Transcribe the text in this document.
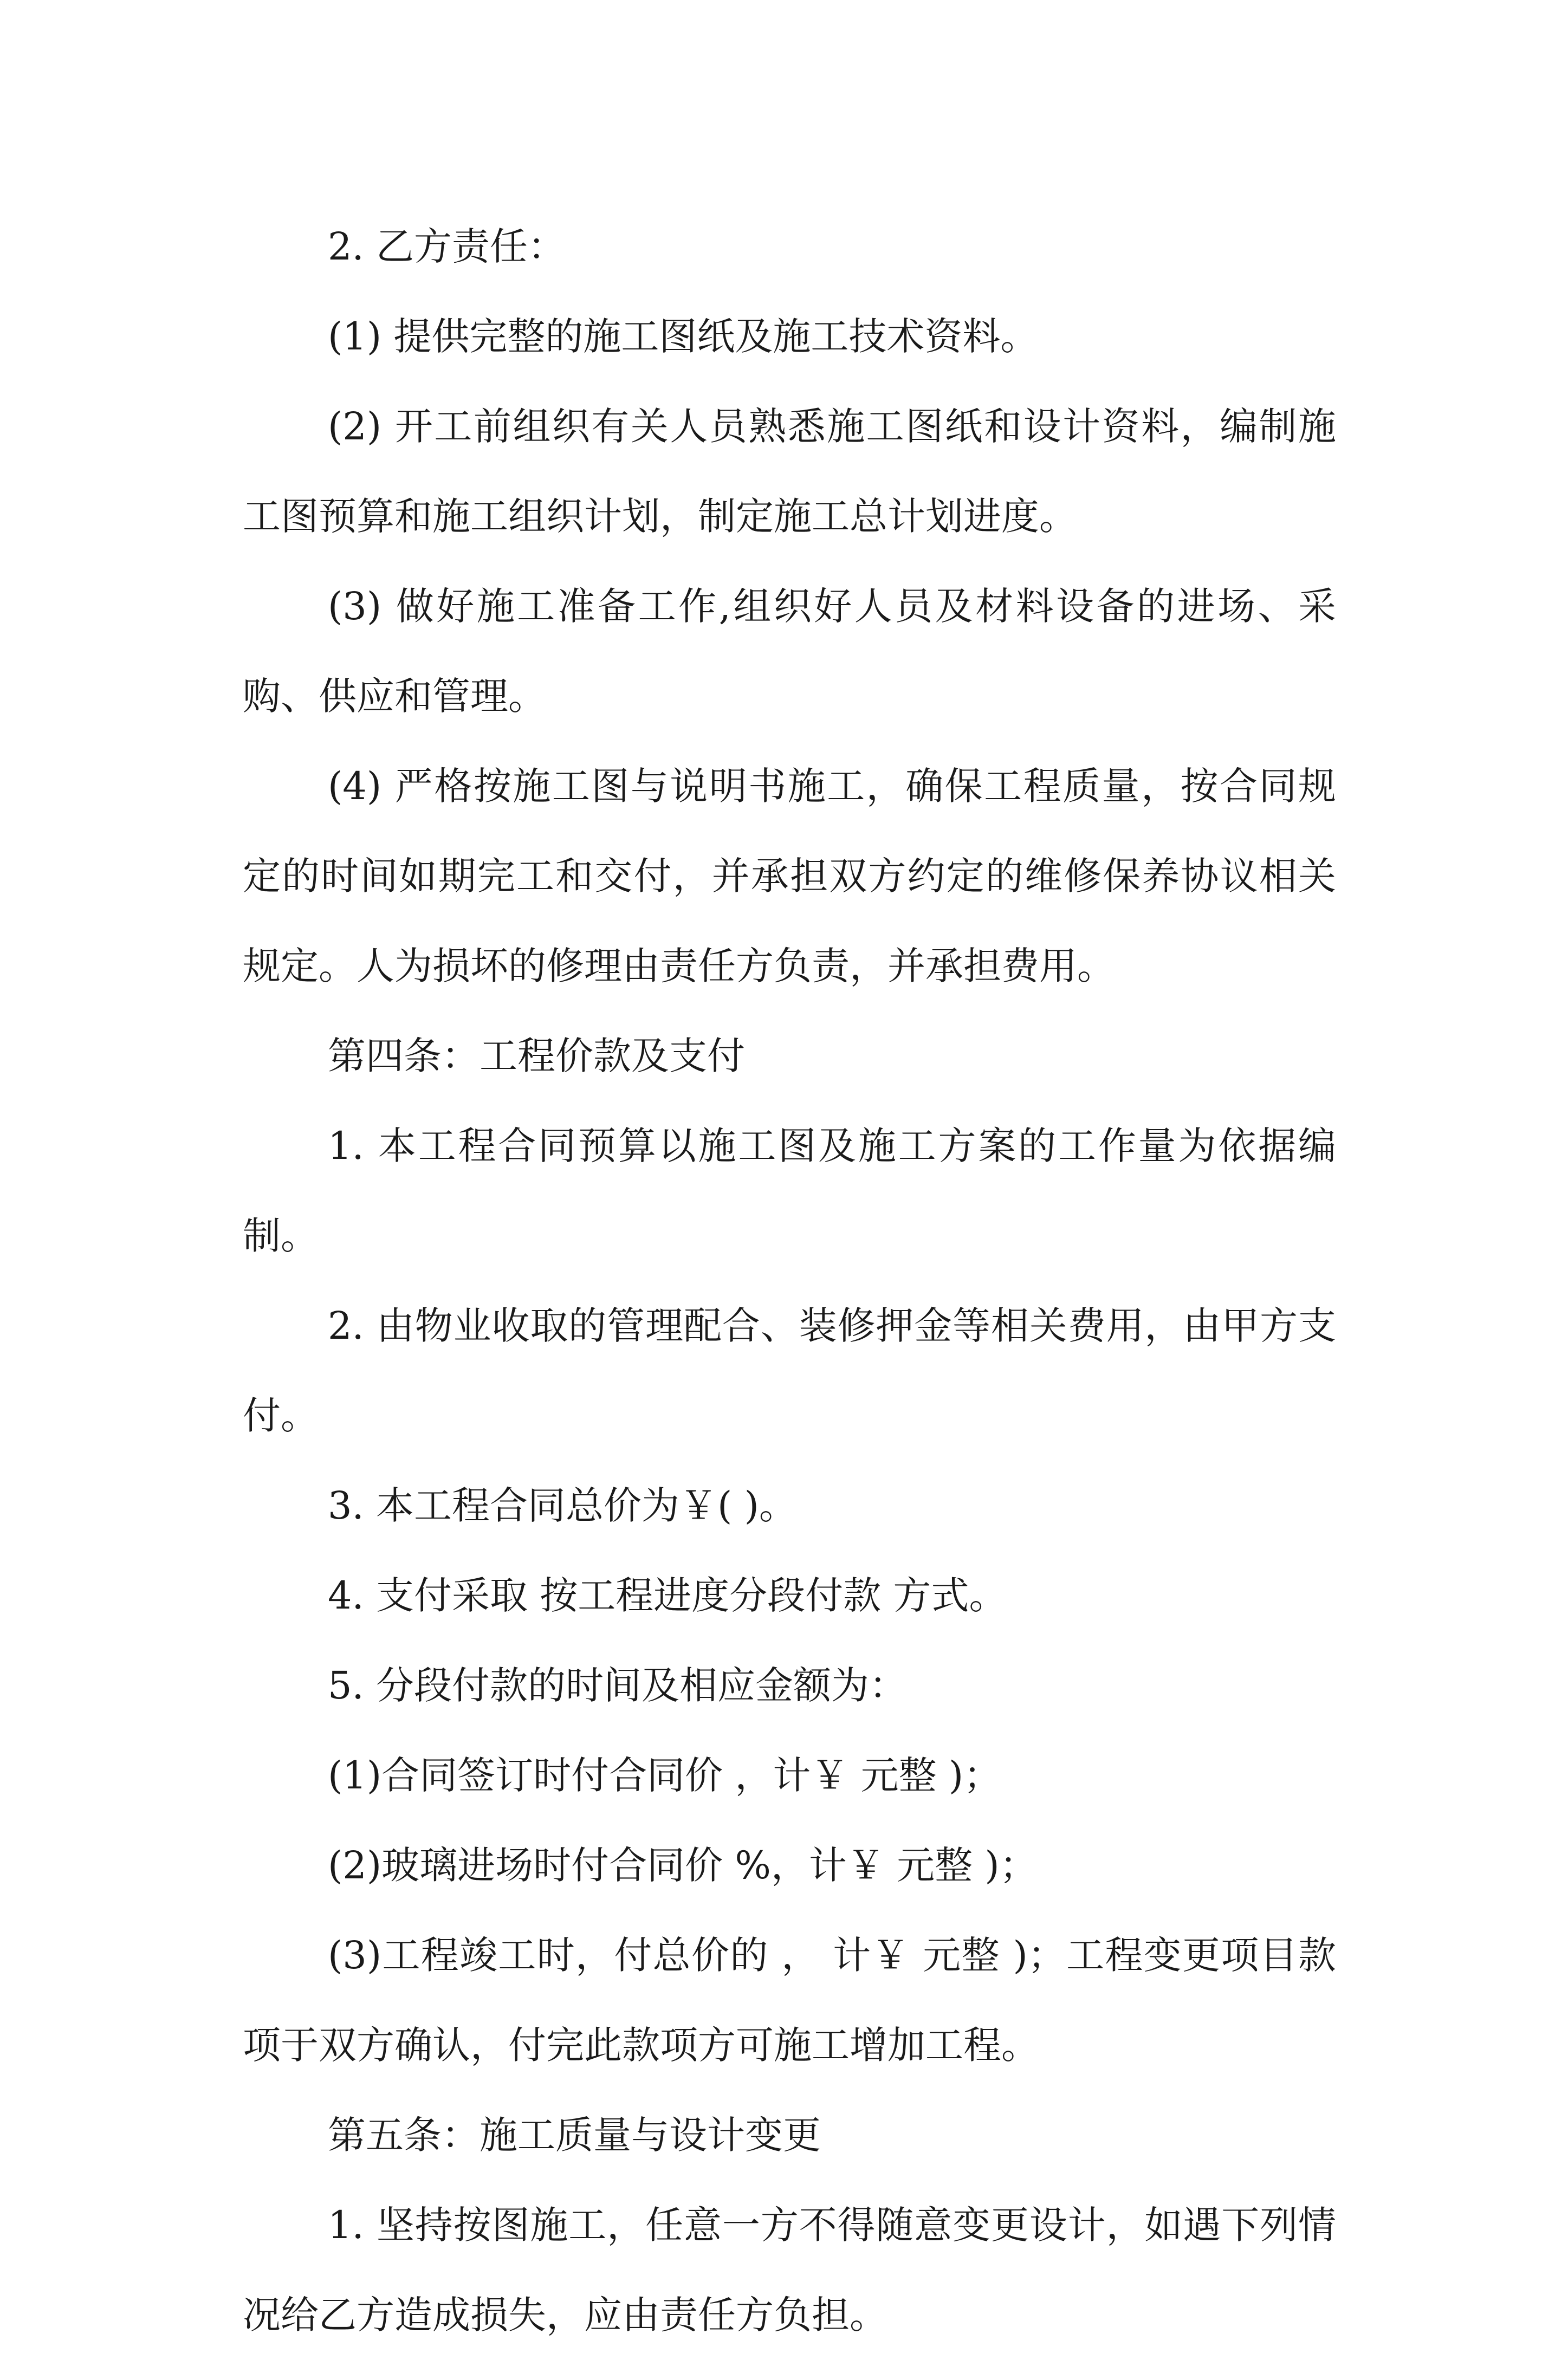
2. 乙方责任：

(1) 提供完整的施工图纸及施工技术资料。

(2) 开工前组织有关人员熟悉施工图纸和设计资料，编制施工图预算和施工组织计划，制定施工总计划进度。

(3) 做好施工准备工作,组织好人员及材料设备的进场、采购、供应和管理。

(4) 严格按施工图与说明书施工，确保工程质量，按合同规定的时间如期完工和交付，并承担双方约定的维修保养协议相关规定。人为损坏的修理由责任方负责，并承担费用。

第四条：工程价款及支付

1. 本工程合同预算以施工图及施工方案的工作量为依据编制。

2. 由物业收取的管理配合、装修押金等相关费用，由甲方支付。

3. 本工程合同总价为￥( )。

4. 支付采取 按工程进度分段付款 方式。

5. 分段付款的时间及相应金额为：

(1)合同签订时付合同价 ，计￥ 元整 )；

(2)玻璃进场时付合同价 %，计￥ 元整 )；

(3)工程竣工时，付总价的 ， 计￥ 元整 )；工程变更项目款项于双方确认，付完此款项方可施工增加工程。

第五条：施工质量与设计变更

1. 坚持按图施工，任意一方不得随意变更设计，如遇下列情况给乙方造成损失，应由责任方负担。
